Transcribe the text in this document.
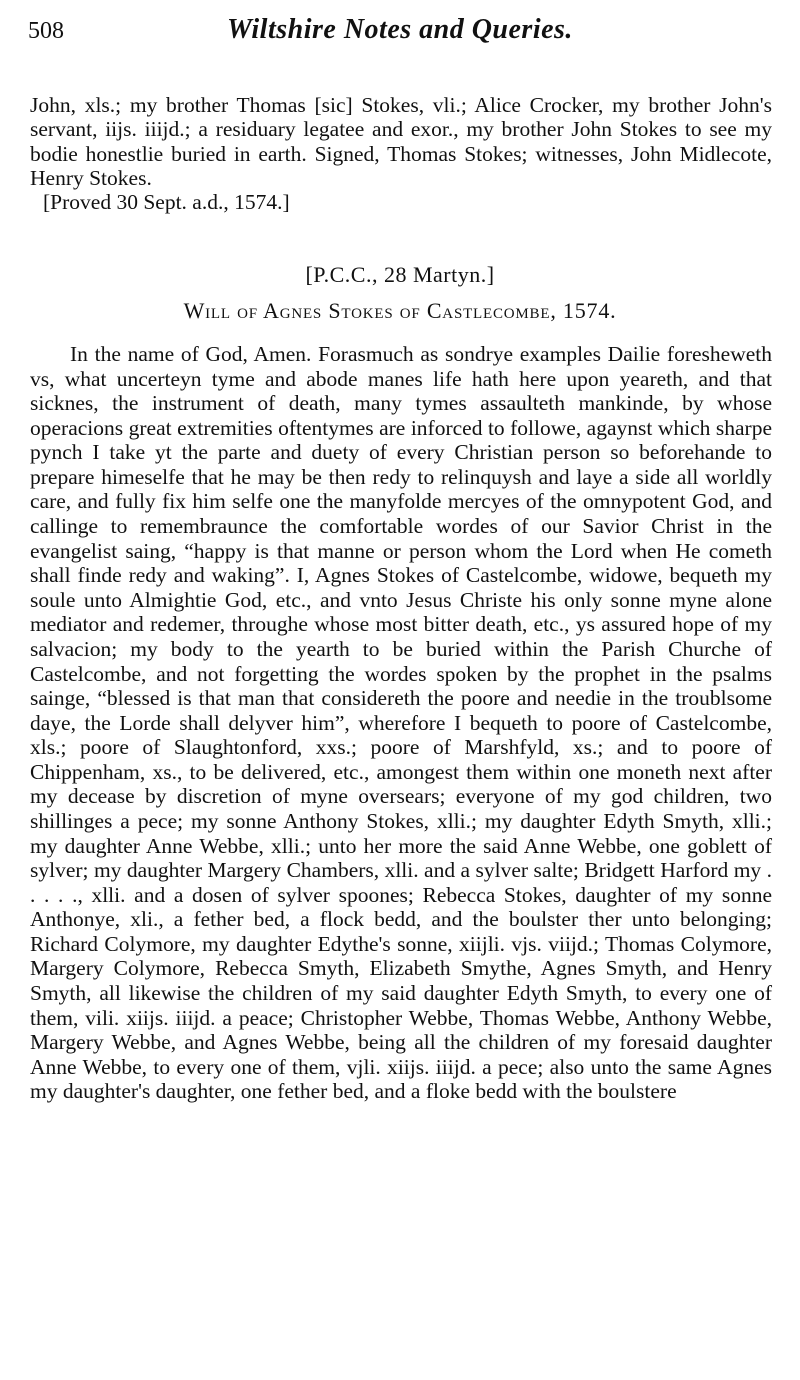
508	Wiltshire Notes and Queries.

John, xls.; my brother Thomas [sic] Stokes, vli.; Alice Crocker, my brother John's servant, iijs. iiijd.; a residuary legatee and exor., my brother John Stokes to see my bodie honestlie buried in earth. Signed, Thomas Stokes; witnesses, John Midlecote, Henry Stokes.

[Proved 30 Sept. a.d., 1574.]

[P.C.C., 28 Martyn.]
Will of Agnes Stokes of Castlecombe, 1574.

In the name of God, Amen. Forasmuch as sondrye examples Dailie foresheweth vs, what uncerteyn tyme and abode manes life hath here upon yeareth, and that sicknes, the instrument of death, many tymes assaulteth mankinde, by whose operacions great extremities oftentymes are inforced to followe, agaynst which sharpe pynch I take yt the parte and duety of every Christian person so beforehande to prepare himeselfe that he may be then redy to relinquysh and laye a side all worldly care, and fully fix him selfe one the manyfolde mercyes of the omnypotent God, and callinge to remembraunce the comfortable wordes of our Savior Christ in the evangelist saing, “happy is that manne or person whom the Lord when He cometh shall finde redy and waking”. I, Agnes Stokes of Castelcombe, widowe, bequeth my soule unto Almightie God, etc., and vnto Jesus Christe his only sonne myne alone mediator and redemer, throughe whose most bitter death, etc., ys assured hope of my salvacion; my body to the yearth to be buried within the Parish Churche of Castelcombe, and not forgetting the wordes spoken by the prophet in the psalms sainge, “blessed is that man that considereth the poore and needie in the troublsome daye, the Lorde shall delyver him”, wherefore I bequeth to poore of Castelcombe, xls.; poore of Slaughtonford, xxs.; poore of Marshfyld, xs.; and to poore of Chippenham, xs., to be delivered, etc., amongest them within one moneth next after my decease by discretion of myne oversears; everyone of my god children, two shillinges a pece; my sonne Anthony Stokes, xlli.; my daughter Edyth Smyth, xlli.; my daughter Anne Webbe, xlli.; unto her more the said Anne Webbe, one goblett of sylver; my daughter Margery Chambers, xlli. and a sylver salte; Bridgett Harford my . . . . ., xlli. and a dosen of sylver spoones; Rebecca Stokes, daughter of my sonne Anthonye, xli., a fether bed, a flock bedd, and the boulster ther unto belonging; Richard Colymore, my daughter Edythe's sonne, xiijli. vjs. viijd.; Thomas Colymore, Margery Colymore, Rebecca Smyth, Elizabeth Smythe, Agnes Smyth, and Henry Smyth, all likewise the children of my said daughter Edyth Smyth, to every one of them, vili. xiijs. iiijd. a peace; Christopher Webbe, Thomas Webbe, Anthony Webbe, Margery Webbe, and Agnes Webbe, being all the children of my foresaid daughter Anne Webbe, to every one of them, vjli. xiijs. iiijd. a pece; also unto the same Agnes my daughter's daughter, one fether bed, and a floke bedd with the boulstere
